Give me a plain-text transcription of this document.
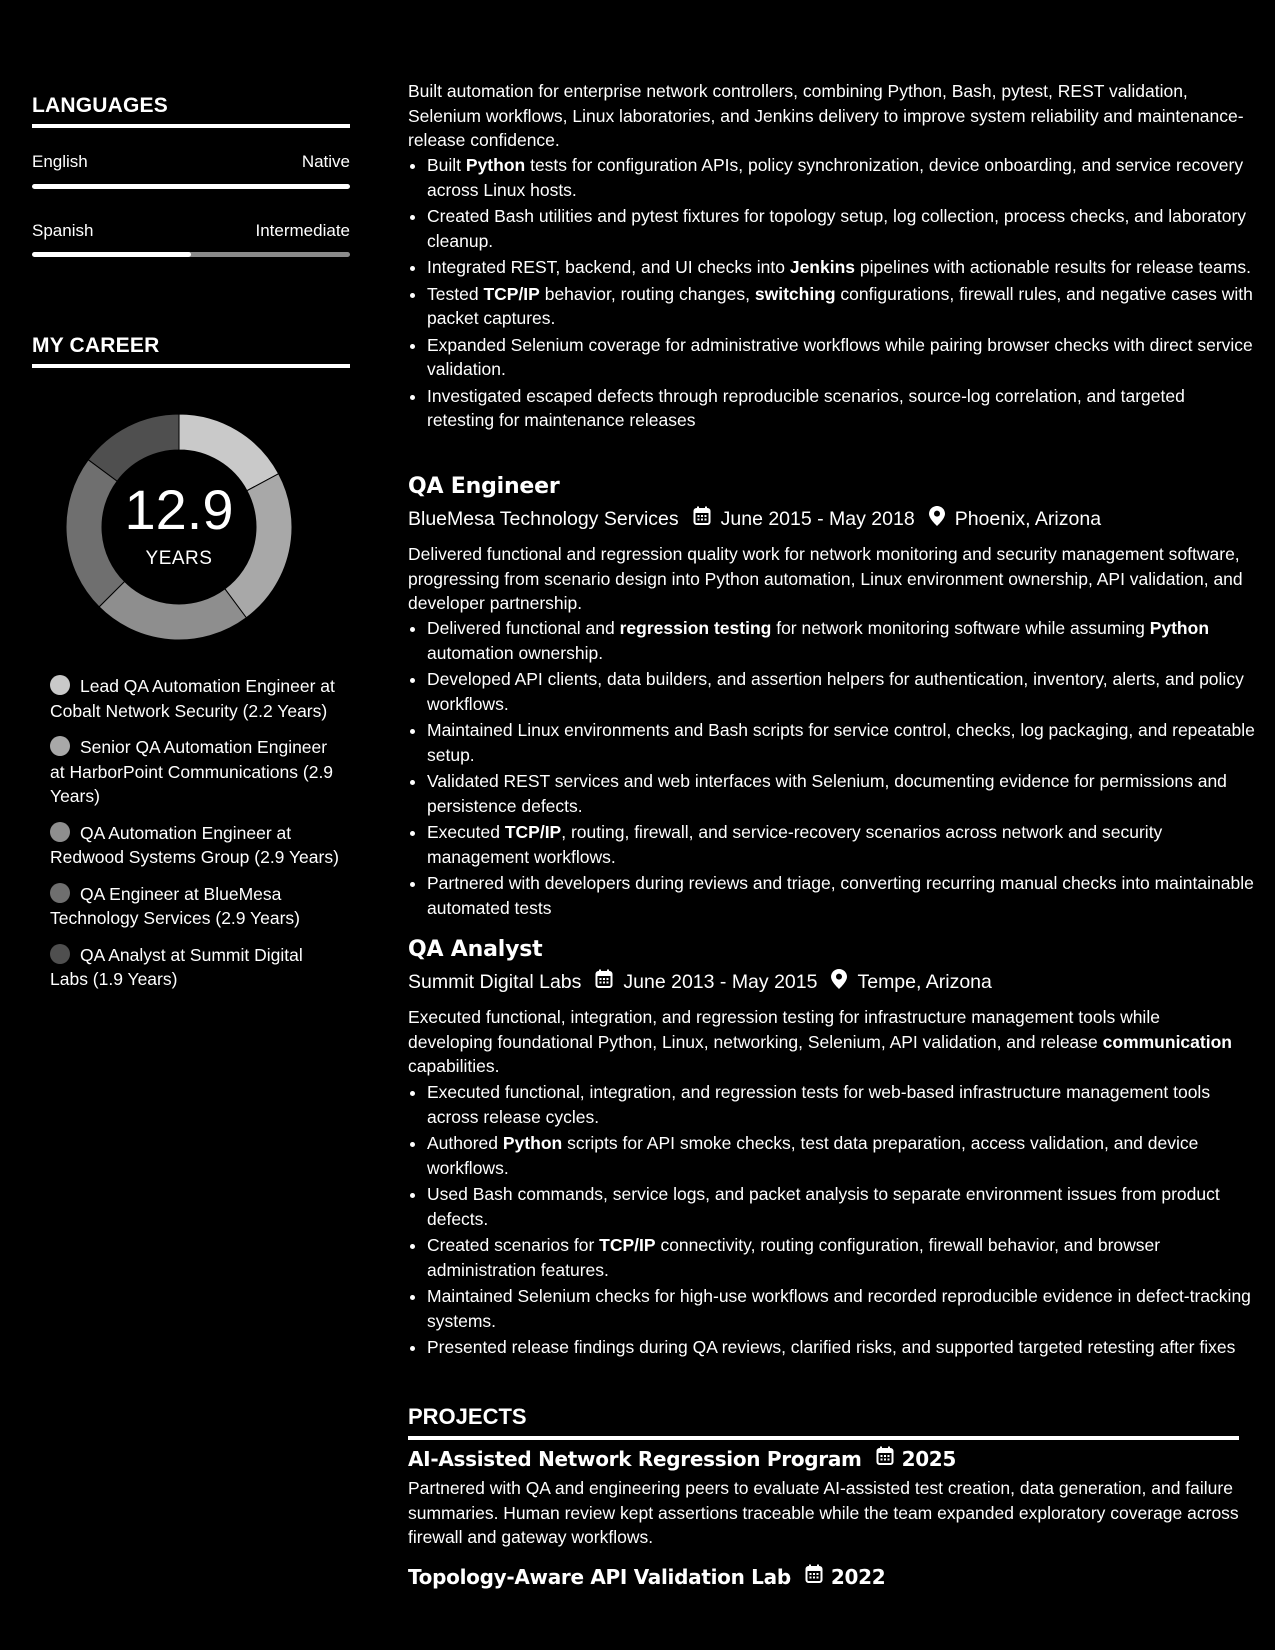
LANGUAGES
English	Native
Spanish	Intermediate
MY CAREER
12.9
YEARS
Lead QA Automation Engineer at Cobalt Network Security (2.2 Years)
Senior QA Automation Engineer at HarborPoint Communications (2.9 Years)
QA Automation Engineer at Redwood Systems Group (2.9 Years)
QA Engineer at BlueMesa Technology Services (2.9 Years)
QA Analyst at Summit Digital Labs (1.9 Years)

Built automation for enterprise network controllers, combining Python, Bash, pytest, REST validation, Selenium workflows, Linux laboratories, and Jenkins delivery to improve system reliability and maintenance-release confidence.

• Built Python tests for configuration APIs, policy synchronization, device onboarding, and service recovery across Linux hosts.
• Created Bash utilities and pytest fixtures for topology setup, log collection, process checks, and laboratory cleanup.
• Integrated REST, backend, and UI checks into Jenkins pipelines with actionable results for release teams.
• Tested TCP/IP behavior, routing changes, switching configurations, firewall rules, and negative cases with packet captures.
• Expanded Selenium coverage for administrative workflows while pairing browser checks with direct service validation.
• Investigated escaped defects through reproducible scenarios, source-log correlation, and targeted retesting for maintenance releases
QA Engineer
BlueMesa Technology Services June 2015 - May 2018 Phoenix, Arizona

Delivered functional and regression quality work for network monitoring and security management software, progressing from scenario design into Python automation, Linux environment ownership, API validation, and developer partnership.

• Delivered functional and regression testing for network monitoring software while assuming Python automation ownership.
• Developed API clients, data builders, and assertion helpers for authentication, inventory, alerts, and policy workflows.
• Maintained Linux environments and Bash scripts for service control, checks, log packaging, and repeatable setup.
• Validated REST services and web interfaces with Selenium, documenting evidence for permissions and persistence defects.
• Executed TCP/IP, routing, firewall, and service-recovery scenarios across network and security management workflows.
• Partnered with developers during reviews and triage, converting recurring manual checks into maintainable automated tests
QA Analyst
Summit Digital Labs June 2013 - May 2015 Tempe, Arizona

Executed functional, integration, and regression testing for infrastructure management tools while developing foundational Python, Linux, networking, Selenium, API validation, and release communication capabilities.

• Executed functional, integration, and regression tests for web-based infrastructure management tools across release cycles.
• Authored Python scripts for API smoke checks, test data preparation, access validation, and device workflows.
• Used Bash commands, service logs, and packet analysis to separate environment issues from product defects.
• Created scenarios for TCP/IP connectivity, routing configuration, firewall behavior, and browser administration features.
• Maintained Selenium checks for high-use workflows and recorded reproducible evidence in defect-tracking systems.
• Presented release findings during QA reviews, clarified risks, and supported targeted retesting after fixes
PROJECTS
AI-Assisted Network Regression Program 2025

Partnered with QA and engineering peers to evaluate AI-assisted test creation, data generation, and failure summaries. Human review kept assertions traceable while the team expanded exploratory coverage across firewall and gateway workflows.

Topology-Aware API Validation Lab 2022
